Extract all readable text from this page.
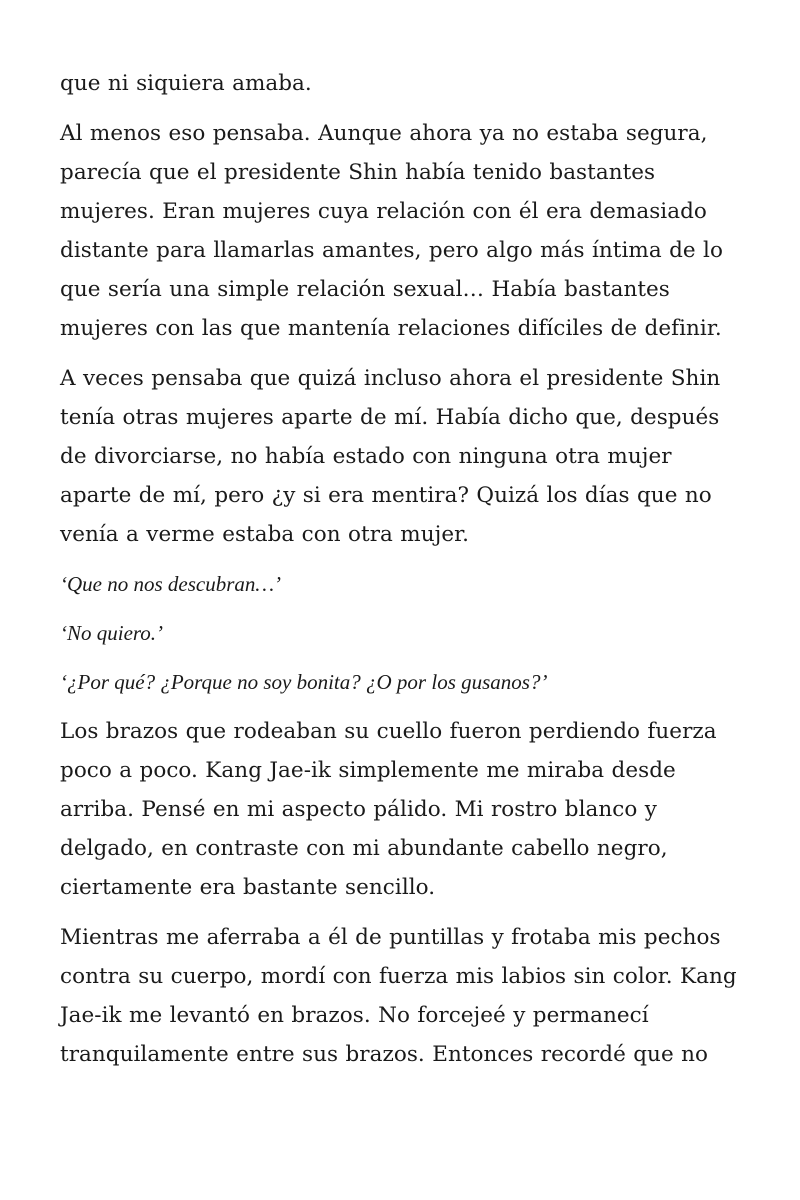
que ni siquiera amaba.

Al menos eso pensaba. Aunque ahora ya no estaba segura, parecía que el presidente Shin había tenido bastantes mujeres. Eran mujeres cuya relación con él era demasiado distante para llamarlas amantes, pero algo más íntima de lo que sería una simple relación sexual… Había bastantes mujeres con las que mantenía relaciones difíciles de definir.

A veces pensaba que quizá incluso ahora el presidente Shin tenía otras mujeres aparte de mí. Había dicho que, después de divorciarse, no había estado con ninguna otra mujer aparte de mí, pero ¿y si era mentira? Quizá los días que no venía a verme estaba con otra mujer.

‘Que no nos descubran…’

‘No quiero.’

‘¿Por qué? ¿Porque no soy bonita? ¿O por los gusanos?’

Los brazos que rodeaban su cuello fueron perdiendo fuerza poco a poco. Kang Jae-ik simplemente me miraba desde arriba. Pensé en mi aspecto pálido. Mi rostro blanco y delgado, en contraste con mi abundante cabello negro, ciertamente era bastante sencillo.

Mientras me aferraba a él de puntillas y frotaba mis pechos contra su cuerpo, mordí con fuerza mis labios sin color. Kang Jae-ik me levantó en brazos. No forcejeé y permanecí tranquilamente entre sus brazos. Entonces recordé que no
